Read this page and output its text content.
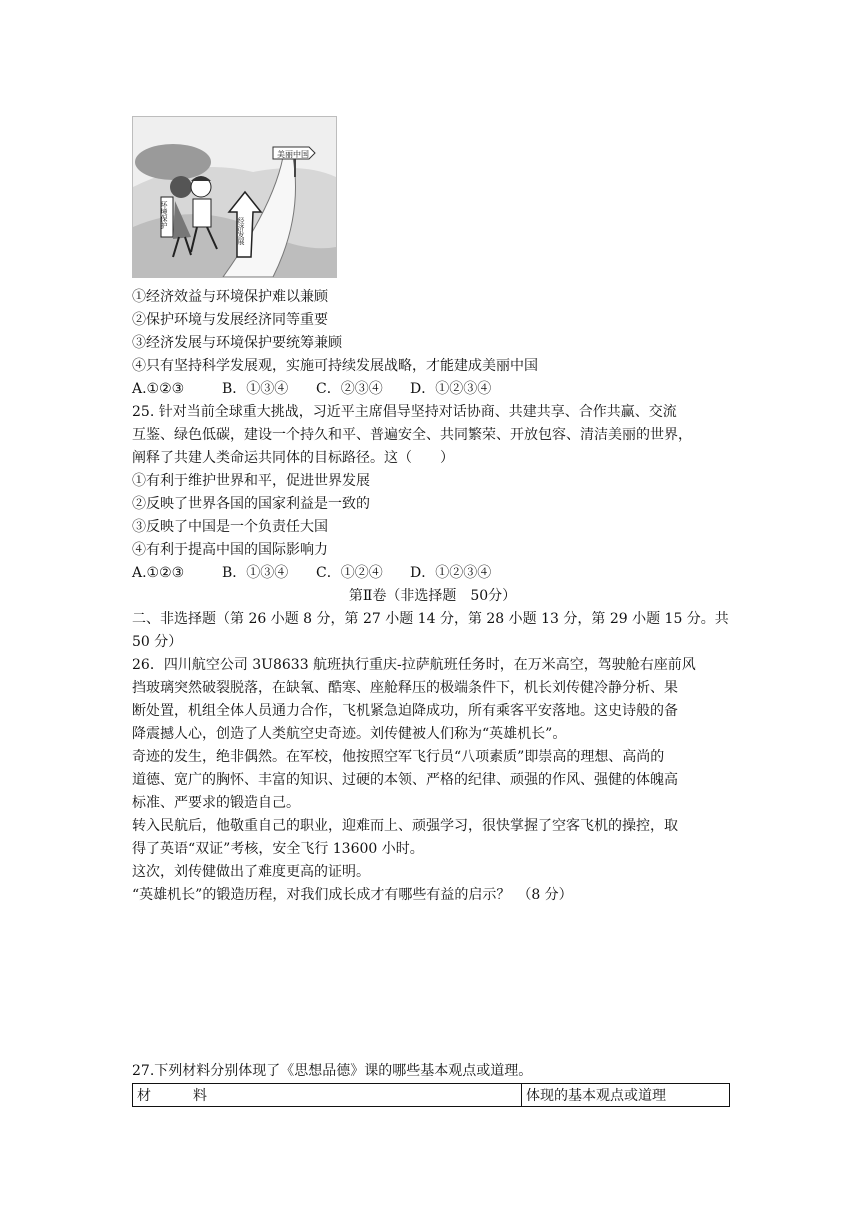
美丽中国
环境保护
经济发展
①经济效益与环境保护难以兼顾
②保护环境与发展经济同等重要
③经济发展与环境保护要统筹兼顾
④只有坚持科学发展观，实施可持续发展战略，才能建成美丽中国
A.①②③	B．①③④ C．②③④ D．①②③④
25. 针对当前全球重大挑战，习近平主席倡导坚持对话协商、共建共享、合作共赢、交流
互鉴、绿色低碳，建设一个持久和平、普遍安全、共同繁荣、开放包容、清洁美丽的世界，
阐释了共建人类命运共同体的目标路径。这（　　）
①有利于维护世界和平，促进世界发展
②反映了世界各国的国家利益是一致的
③反映了中国是一个负责任大国
④有利于提高中国的国际影响力
A.①②③	B．①③④ C．①②④ D．①②③④
第Ⅱ卷（非选择题　50分）
二、非选择题（第 26 小题 8 分，第 27 小题 14 分，第 28 小题 13 分，第 29 小题 15 分。共
50 分）
26．四川航空公司 3U8633 航班执行重庆-拉萨航班任务时，在万米高空，驾驶舱右座前风
挡玻璃突然破裂脱落，在缺氧、酷寒、座舱释压的极端条件下，机长刘传健冷静分析、果
断处置，机组全体人员通力合作，飞机紧急迫降成功，所有乘客平安落地。这史诗般的备
降震撼人心，创造了人类航空史奇迹。刘传健被人们称为“英雄机长”。
奇迹的发生，绝非偶然。在军校，他按照空军飞行员“八项素质”即崇高的理想、高尚的
道德、宽广的胸怀、丰富的知识、过硬的本领、严格的纪律、顽强的作风、强健的体魄高
标准、严要求的锻造自己。
转入民航后，他敬重自己的职业，迎难而上、顽强学习，很快掌握了空客飞机的操控，取
得了英语“双证”考核，安全飞行 13600 小时。
这次，刘传健做出了难度更高的证明。
“英雄机长”的锻造历程，对我们成长成才有哪些有益的启示？　（8 分）
27.下列材料分别体现了《思想品德》课的哪些基本观点或道理。
材　　　料	体现的基本观点或道理
